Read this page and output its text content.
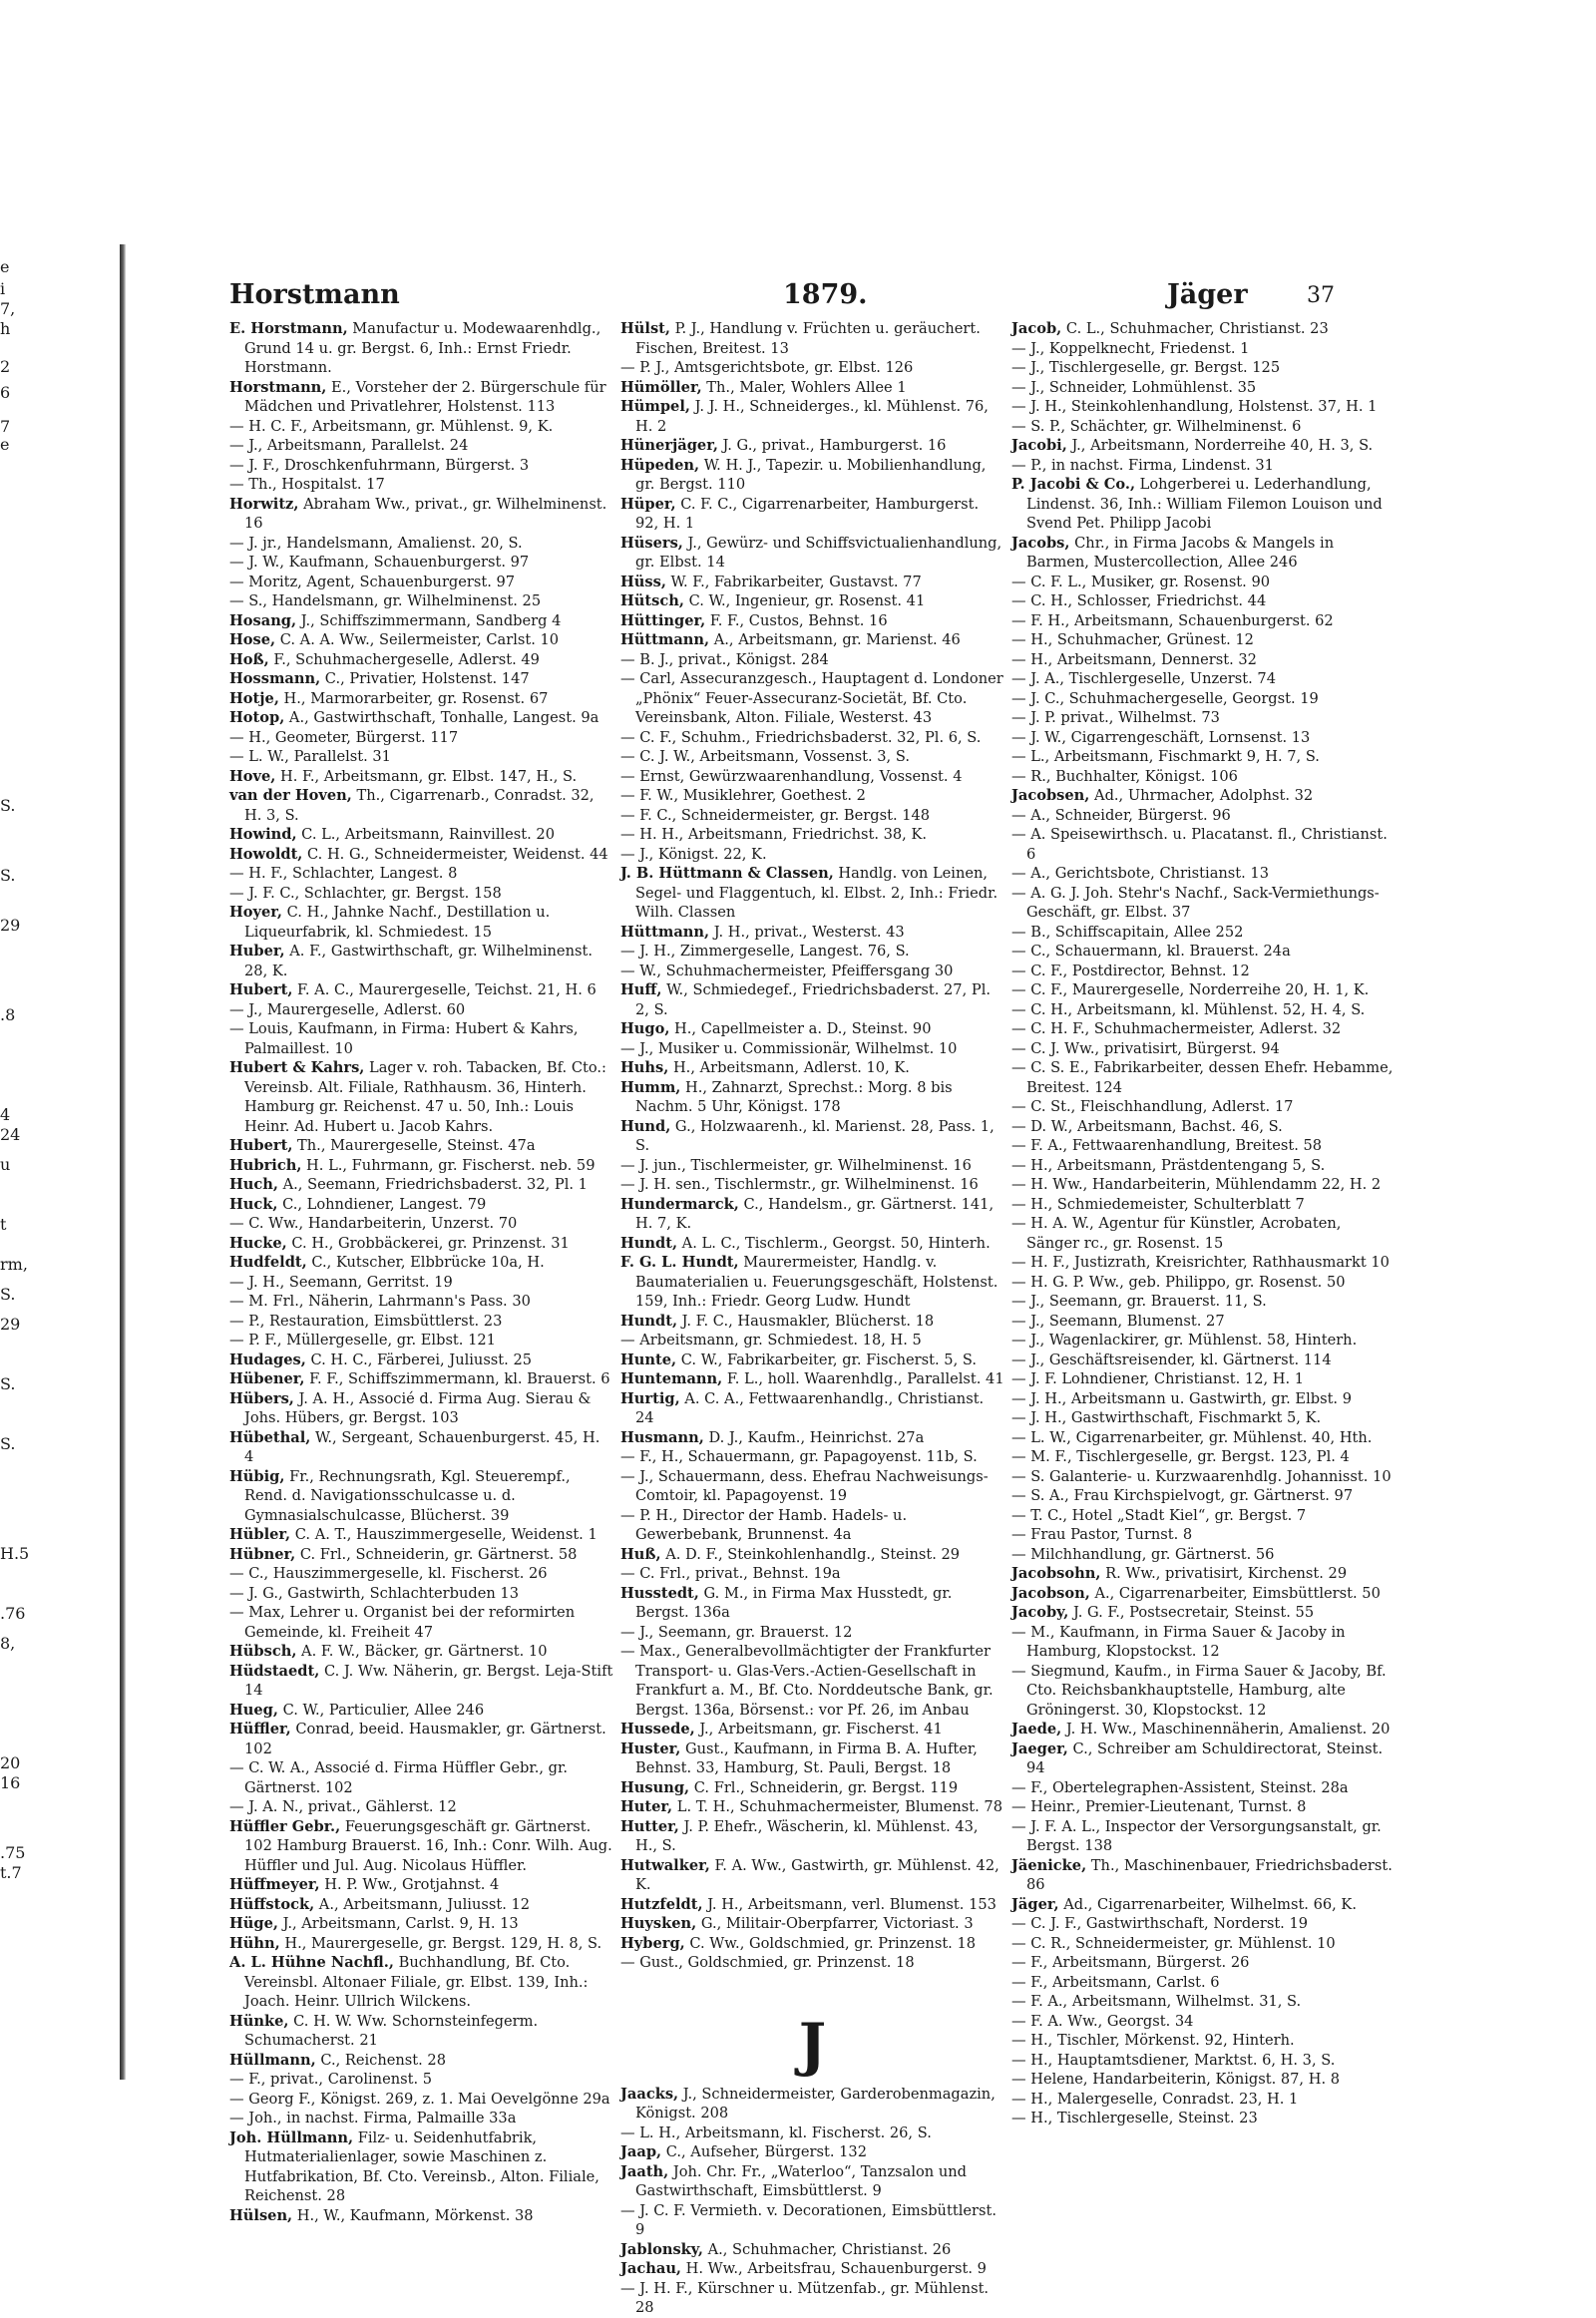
e
i
7,
h
2
6
7
e
S.
S.
29
.8
4
24
u
t
rm,
S.
29
S.
S.
H.5
.76
8,
20
16
.75
t.7
Horstmann	1879.	Jäger	37

E. Horstmann, Manufactur u. Modewaarenhdlg., Grund 14 u. gr. Bergst. 6, Inh.: Ernst Friedr. Horstmann.

Horstmann, E., Vorsteher der 2. Bürgerschule für Mädchen und Privatlehrer, Holstenst. 113

— H. C. F., Arbeitsmann, gr. Mühlenst. 9, K.

— J., Arbeitsmann, Parallelst. 24

— J. F., Droschkenfuhrmann, Bürgerst. 3

— Th., Hospitalst. 17

Horwitz, Abraham Ww., privat., gr. Wilhelminenst. 16

— J. jr., Handelsmann, Amalienst. 20, S.

— J. W., Kaufmann, Schauenburgerst. 97

— Moritz, Agent, Schauenburgerst. 97

— S., Handelsmann, gr. Wilhelminenst. 25

Hosang, J., Schiffszimmermann, Sandberg 4

Hose, C. A. A. Ww., Seilermeister, Carlst. 10

Hoß, F., Schuhmachergeselle, Adlerst. 49

Hossmann, C., Privatier, Holstenst. 147

Hotje, H., Marmorarbeiter, gr. Rosenst. 67

Hotop, A., Gastwirthschaft, Tonhalle, Langest. 9a

— H., Geometer, Bürgerst. 117

— L. W., Parallelst. 31

Hove, H. F., Arbeitsmann, gr. Elbst. 147, H., S.

van der Hoven, Th., Cigarrenarb., Conradst. 32, H. 3, S.

Howind, C. L., Arbeitsmann, Rainvillest. 20

Howoldt, C. H. G., Schneidermeister, Weidenst. 44

— H. F., Schlachter, Langest. 8

— J. F. C., Schlachter, gr. Bergst. 158

Hoyer, C. H., Jahnke Nachf., Destillation u. Liqueurfabrik, kl. Schmiedest. 15

Huber, A. F., Gastwirthschaft, gr. Wilhelminenst. 28, K.

Hubert, F. A. C., Maurergeselle, Teichst. 21, H. 6

— J., Maurergeselle, Adlerst. 60

— Louis, Kaufmann, in Firma: Hubert & Kahrs, Palmaillest. 10

Hubert & Kahrs, Lager v. roh. Tabacken, Bf. Cto.: Vereinsb. Alt. Filiale, Rathhausm. 36, Hinterh. Hamburg gr. Reichenst. 47 u. 50, Inh.: Louis Heinr. Ad. Hubert u. Jacob Kahrs.

Hubert, Th., Maurergeselle, Steinst. 47a

Hubrich, H. L., Fuhrmann, gr. Fischerst. neb. 59

Huch, A., Seemann, Friedrichsbaderst. 32, Pl. 1

Huck, C., Lohndiener, Langest. 79

— C. Ww., Handarbeiterin, Unzerst. 70

Hucke, C. H., Grobbäckerei, gr. Prinzenst. 31

Hudfeldt, C., Kutscher, Elbbrücke 10a, H.

— J. H., Seemann, Gerritst. 19

— M. Frl., Näherin, Lahrmann's Pass. 30

— P., Restauration, Eimsbüttlerst. 23

— P. F., Müllergeselle, gr. Elbst. 121

Hudages, C. H. C., Färberei, Juliusst. 25

Hübener, F. F., Schiffszimmermann, kl. Brauerst. 6

Hübers, J. A. H., Associé d. Firma Aug. Sierau & Johs. Hübers, gr. Bergst. 103

Hübethal, W., Sergeant, Schauenburgerst. 45, H. 4

Hübig, Fr., Rechnungsrath, Kgl. Steuerempf., Rend. d. Navigationsschulcasse u. d. Gymnasialschulcasse, Blücherst. 39

Hübler, C. A. T., Hauszimmergeselle, Weidenst. 1

Hübner, C. Frl., Schneiderin, gr. Gärtnerst. 58

— C., Hauszimmergeselle, kl. Fischerst. 26

— J. G., Gastwirth, Schlachterbuden 13

— Max, Lehrer u. Organist bei der reformirten Gemeinde, kl. Freiheit 47

Hübsch, A. F. W., Bäcker, gr. Gärtnerst. 10

Hüdstaedt, C. J. Ww. Näherin, gr. Bergst. Leja-Stift 14

Hueg, C. W., Particulier, Allee 246

Hüffler, Conrad, beeid. Hausmakler, gr. Gärtnerst. 102

— C. W. A., Associé d. Firma Hüffler Gebr., gr. Gärtnerst. 102

— J. A. N., privat., Gählerst. 12

Hüffler Gebr., Feuerungsgeschäft gr. Gärtnerst. 102 Hamburg Brauerst. 16, Inh.: Conr. Wilh. Aug. Hüffler und Jul. Aug. Nicolaus Hüffler.

Hüffmeyer, H. P. Ww., Grotjahnst. 4

Hüffstock, A., Arbeitsmann, Juliusst. 12

Hüge, J., Arbeitsmann, Carlst. 9, H. 13

Hühn, H., Maurergeselle, gr. Bergst. 129, H. 8, S.

A. L. Hühne Nachfl., Buchhandlung, Bf. Cto. Vereinsbl. Altonaer Filiale, gr. Elbst. 139, Inh.: Joach. Heinr. Ullrich Wilckens.

Hünke, C. H. W. Ww. Schornsteinfegerm. Schumacherst. 21

Hüllmann, C., Reichenst. 28

— F., privat., Carolinenst. 5

— Georg F., Königst. 269, z. 1. Mai Oevelgönne 29a

— Joh., in nachst. Firma, Palmaille 33a

Joh. Hüllmann, Filz- u. Seidenhutfabrik, Hutmaterialienlager, sowie Maschinen z. Hutfabrikation, Bf. Cto. Vereinsb., Alton. Filiale, Reichenst. 28

Hülsen, H., W., Kaufmann, Mörkenst. 38

Hülst, P. J., Handlung v. Früchten u. geräuchert. Fischen, Breitest. 13

— P. J., Amtsgerichtsbote, gr. Elbst. 126

Hümöller, Th., Maler, Wohlers Allee 1

Hümpel, J. J. H., Schneiderges., kl. Mühlenst. 76, H. 2

Hünerjäger, J. G., privat., Hamburgerst. 16

Hüpeden, W. H. J., Tapezir. u. Mobilienhandlung, gr. Bergst. 110

Hüper, C. F. C., Cigarrenarbeiter, Hamburgerst. 92, H. 1

Hüsers, J., Gewürz- und Schiffsvictualienhandlung, gr. Elbst. 14

Hüss, W. F., Fabrikarbeiter, Gustavst. 77

Hütsch, C. W., Ingenieur, gr. Rosenst. 41

Hüttinger, F. F., Custos, Behnst. 16

Hüttmann, A., Arbeitsmann, gr. Marienst. 46

— B. J., privat., Königst. 284

— Carl, Assecuranzgesch., Hauptagent d. Londoner „Phönix“ Feuer-Assecuranz-Societät, Bf. Cto. Vereinsbank, Alton. Filiale, Westerst. 43

— C. F., Schuhm., Friedrichsbaderst. 32, Pl. 6, S.

— C. J. W., Arbeitsmann, Vossenst. 3, S.

— Ernst, Gewürzwaarenhandlung, Vossenst. 4

— F. W., Musiklehrer, Goethest. 2

— F. C., Schneidermeister, gr. Bergst. 148

— H. H., Arbeitsmann, Friedrichst. 38, K.

— J., Königst. 22, K.

J. B. Hüttmann & Classen, Handlg. von Leinen, Segel- und Flaggentuch, kl. Elbst. 2, Inh.: Friedr. Wilh. Classen

Hüttmann, J. H., privat., Westerst. 43

— J. H., Zimmergeselle, Langest. 76, S.

— W., Schuhmachermeister, Pfeiffersgang 30

Huff, W., Schmiedegef., Friedrichsbaderst. 27, Pl. 2, S.

Hugo, H., Capellmeister a. D., Steinst. 90

— J., Musiker u. Commissionär, Wilhelmst. 10

Huhs, H., Arbeitsmann, Adlerst. 10, K.

Humm, H., Zahnarzt, Sprechst.: Morg. 8 bis Nachm. 5 Uhr, Königst. 178

Hund, G., Holzwaarenh., kl. Marienst. 28, Pass. 1, S.

— J. jun., Tischlermeister, gr. Wilhelminenst. 16

— J. H. sen., Tischlermstr., gr. Wilhelminenst. 16

Hundermarck, C., Handelsm., gr. Gärtnerst. 141, H. 7, K.

Hundt, A. L. C., Tischlerm., Georgst. 50, Hinterh.

F. G. L. Hundt, Maurermeister, Handlg. v. Baumaterialien u. Feuerungsgeschäft, Holstenst. 159, Inh.: Friedr. Georg Ludw. Hundt

Hundt, J. F. C., Hausmakler, Blücherst. 18

— Arbeitsmann, gr. Schmiedest. 18, H. 5

Hunte, C. W., Fabrikarbeiter, gr. Fischerst. 5, S.

Huntemann, F. L., holl. Waarenhdlg., Parallelst. 41

Hurtig, A. C. A., Fettwaarenhandlg., Christianst. 24

Husmann, D. J., Kaufm., Heinrichst. 27a

— F., H., Schauermann, gr. Papagoyenst. 11b, S.

— J., Schauermann, dess. Ehefrau Nachweisungs-Comtoir, kl. Papagoyenst. 19

— P. H., Director der Hamb. Hadels- u. Gewerbebank, Brunnenst. 4a

Huß, A. D. F., Steinkohlenhandlg., Steinst. 29

— C. Frl., privat., Behnst. 19a

Husstedt, G. M., in Firma Max Husstedt, gr. Bergst. 136a

— J., Seemann, gr. Brauerst. 12

— Max., Generalbevollmächtigter der Frankfurter Transport- u. Glas-Vers.-Actien-Gesellschaft in Frankfurt a. M., Bf. Cto. Norddeutsche Bank, gr. Bergst. 136a, Börsenst.: vor Pf. 26, im Anbau

Hussede, J., Arbeitsmann, gr. Fischerst. 41

Huster, Gust., Kaufmann, in Firma B. A. Hufter, Behnst. 33, Hamburg, St. Pauli, Bergst. 18

Husung, C. Frl., Schneiderin, gr. Bergst. 119

Huter, L. T. H., Schuhmachermeister, Blumenst. 78

Hutter, J. P. Ehefr., Wäscherin, kl. Mühlenst. 43, H., S.

Hutwalker, F. A. Ww., Gastwirth, gr. Mühlenst. 42, K.

Hutzfeldt, J. H., Arbeitsmann, verl. Blumenst. 153

Huysken, G., Militair-Oberpfarrer, Victoriast. 3

Hyberg, C. Ww., Goldschmied, gr. Prinzenst. 18

— Gust., Goldschmied, gr. Prinzenst. 18

J

Jaacks, J., Schneidermeister, Garderobenmagazin, Königst. 208

— L. H., Arbeitsmann, kl. Fischerst. 26, S.

Jaap, C., Aufseher, Bürgerst. 132

Jaath, Joh. Chr. Fr., „Waterloo“, Tanzsalon und Gastwirthschaft, Eimsbüttlerst. 9

— J. C. F. Vermieth. v. Decorationen, Eimsbüttlerst. 9

Jablonsky, A., Schuhmacher, Christianst. 26

Jachau, H. Ww., Arbeitsfrau, Schauenburgerst. 9

— J. H. F., Kürschner u. Mützenfab., gr. Mühlenst. 28

Jacob, C. L., Schuhmacher, Christianst. 23

— J., Koppelknecht, Friedenst. 1

— J., Tischlergeselle, gr. Bergst. 125

— J., Schneider, Lohmühlenst. 35

— J. H., Steinkohlenhandlung, Holstenst. 37, H. 1

— S. P., Schächter, gr. Wilhelminenst. 6

Jacobi, J., Arbeitsmann, Norderreihe 40, H. 3, S.

— P., in nachst. Firma, Lindenst. 31

P. Jacobi & Co., Lohgerberei u. Lederhandlung, Lindenst. 36, Inh.: William Filemon Louison und Svend Pet. Philipp Jacobi

Jacobs, Chr., in Firma Jacobs & Mangels in Barmen, Mustercollection, Allee 246

— C. F. L., Musiker, gr. Rosenst. 90

— C. H., Schlosser, Friedrichst. 44

— F. H., Arbeitsmann, Schauenburgerst. 62

— H., Schuhmacher, Grünest. 12

— H., Arbeitsmann, Dennerst. 32

— J. A., Tischlergeselle, Unzerst. 74

— J. C., Schuhmachergeselle, Georgst. 19

— J. P. privat., Wilhelmst. 73

— J. W., Cigarrengeschäft, Lornsenst. 13

— L., Arbeitsmann, Fischmarkt 9, H. 7, S.

— R., Buchhalter, Königst. 106

Jacobsen, Ad., Uhrmacher, Adolphst. 32

— A., Schneider, Bürgerst. 96

— A. Speisewirthsch. u. Placatanst. fl., Christianst. 6

— A., Gerichtsbote, Christianst. 13

— A. G. J. Joh. Stehr's Nachf., Sack-Vermiethungs-Geschäft, gr. Elbst. 37

— B., Schiffscapitain, Allee 252

— C., Schauermann, kl. Brauerst. 24a

— C. F., Postdirector, Behnst. 12

— C. F., Maurergeselle, Norderreihe 20, H. 1, K.

— C. H., Arbeitsmann, kl. Mühlenst. 52, H. 4, S.

— C. H. F., Schuhmachermeister, Adlerst. 32

— C. J. Ww., privatisirt, Bürgerst. 94

— C. S. E., Fabrikarbeiter, dessen Ehefr. Hebamme, Breitest. 124

— C. St., Fleischhandlung, Adlerst. 17

— D. W., Arbeitsmann, Bachst. 46, S.

— F. A., Fettwaarenhandlung, Breitest. 58

— H., Arbeitsmann, Prästdentengang 5, S.

— H. Ww., Handarbeiterin, Mühlendamm 22, H. 2

— H., Schmiedemeister, Schulterblatt 7

— H. A. W., Agentur für Künstler, Acrobaten, Sänger rc., gr. Rosenst. 15

— H. F., Justizrath, Kreisrichter, Rathhausmarkt 10

— H. G. P. Ww., geb. Philippo, gr. Rosenst. 50

— J., Seemann, gr. Brauerst. 11, S.

— J., Seemann, Blumenst. 27

— J., Wagenlackirer, gr. Mühlenst. 58, Hinterh.

— J., Geschäftsreisender, kl. Gärtnerst. 114

— J. F. Lohndiener, Christianst. 12, H. 1

— J. H., Arbeitsmann u. Gastwirth, gr. Elbst. 9

— J. H., Gastwirthschaft, Fischmarkt 5, K.

— L. W., Cigarrenarbeiter, gr. Mühlenst. 40, Hth.

— M. F., Tischlergeselle, gr. Bergst. 123, Pl. 4

— S. Galanterie- u. Kurzwaarenhdlg. Johannisst. 10

— S. A., Frau Kirchspielvogt, gr. Gärtnerst. 97

— T. C., Hotel „Stadt Kiel“, gr. Bergst. 7

— Frau Pastor, Turnst. 8

— Milchhandlung, gr. Gärtnerst. 56

Jacobsohn, R. Ww., privatisirt, Kirchenst. 29

Jacobson, A., Cigarrenarbeiter, Eimsbüttlerst. 50

Jacoby, J. G. F., Postsecretair, Steinst. 55

— M., Kaufmann, in Firma Sauer & Jacoby in Hamburg, Klopstockst. 12

— Siegmund, Kaufm., in Firma Sauer & Jacoby, Bf. Cto. Reichsbankhauptstelle, Hamburg, alte Gröningerst. 30, Klopstockst. 12

Jaede, J. H. Ww., Maschinennäherin, Amalienst. 20

Jaeger, C., Schreiber am Schuldirectorat, Steinst. 94

— F., Obertelegraphen-Assistent, Steinst. 28a

— Heinr., Premier-Lieutenant, Turnst. 8

— J. F. A. L., Inspector der Versorgungsanstalt, gr. Bergst. 138

Jäenicke, Th., Maschinenbauer, Friedrichsbaderst. 86

Jäger, Ad., Cigarrenarbeiter, Wilhelmst. 66, K.

— C. J. F., Gastwirthschaft, Norderst. 19

— C. R., Schneidermeister, gr. Mühlenst. 10

— F., Arbeitsmann, Bürgerst. 26

— F., Arbeitsmann, Carlst. 6

— F. A., Arbeitsmann, Wilhelmst. 31, S.

— F. A. Ww., Georgst. 34

— H., Tischler, Mörkenst. 92, Hinterh.

— H., Hauptamtsdiener, Marktst. 6, H. 3, S.

— Helene, Handarbeiterin, Königst. 87, H. 8

— H., Malergeselle, Conradst. 23, H. 1

— H., Tischlergeselle, Steinst. 23
